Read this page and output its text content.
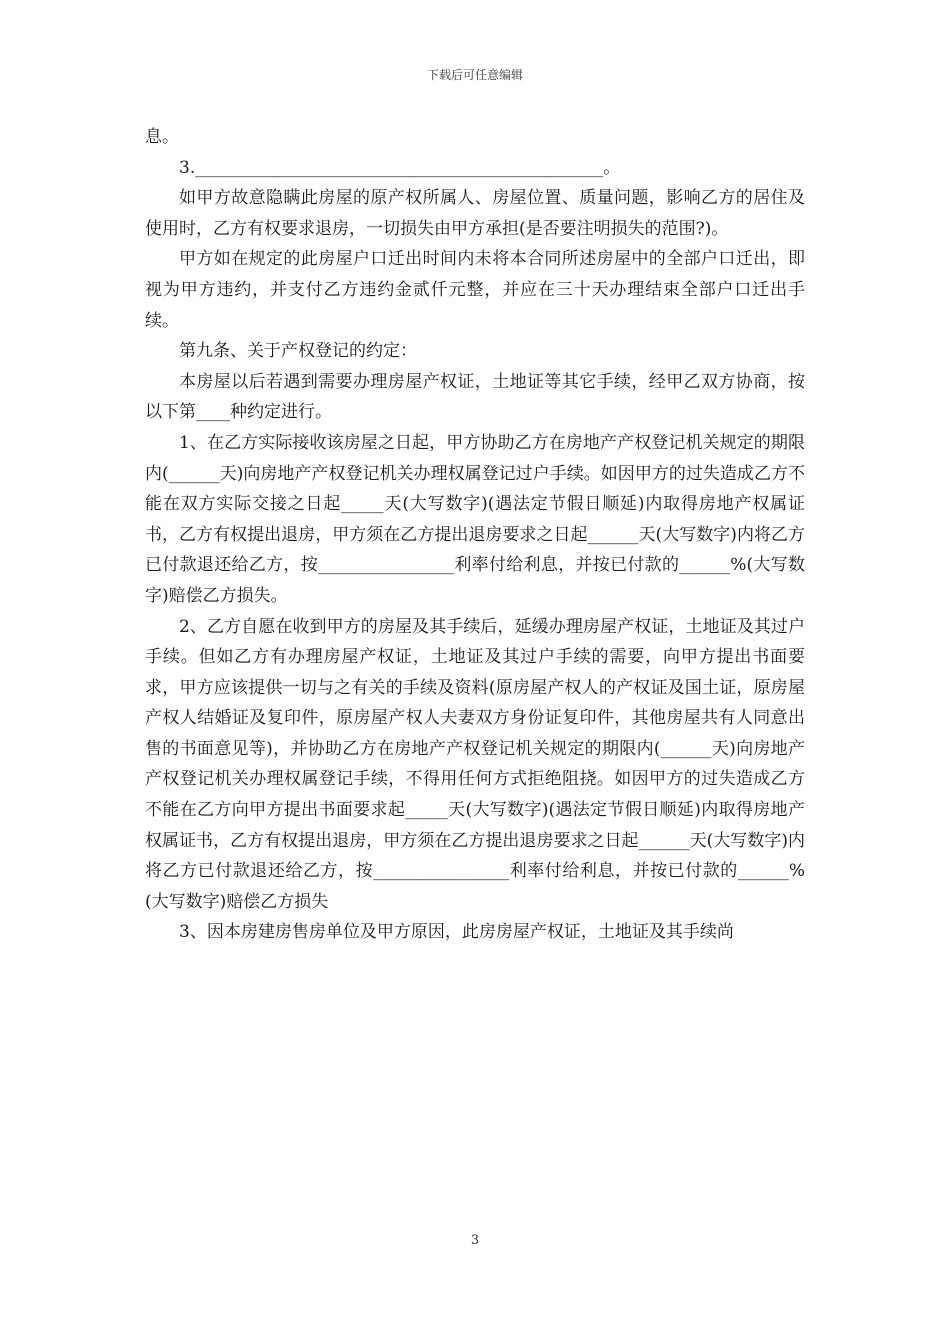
下载后可任意编辑

息。

3.________________________________________________。

如甲方故意隐瞒此房屋的原产权所属人、房屋位置、质量问题，影响乙方的居住及使用时，乙方有权要求退房，一切损失由甲方承担(是否要注明损失的范围?)。

甲方如在规定的此房屋户口迁出时间内未将本合同所述房屋中的全部户口迁出，即视为甲方违约，并支付乙方违约金贰仟元整，并应在三十天办理结束全部户口迁出手续。

第九条、关于产权登记的约定：

本房屋以后若遇到需要办理房屋产权证，土地证等其它手续，经甲乙双方协商，按以下第____种约定进行。

1、在乙方实际接收该房屋之日起，甲方协助乙方在房地产产权登记机关规定的期限内(______天)向房地产产权登记机关办理权属登记过户手续。如因甲方的过失造成乙方不能在双方实际交接之日起_____天(大写数字)(遇法定节假日顺延)内取得房地产权属证书，乙方有权提出退房，甲方须在乙方提出退房要求之日起______天(大写数字)内将乙方已付款退还给乙方，按________________利率付给利息，并按已付款的______%(大写数字)赔偿乙方损失。

2、乙方自愿在收到甲方的房屋及其手续后，延缓办理房屋产权证，土地证及其过户手续。但如乙方有办理房屋产权证，土地证及其过户手续的需要，向甲方提出书面要求，甲方应该提供一切与之有关的手续及资料(原房屋产权人的产权证及国土证，原房屋产权人结婚证及复印件，原房屋产权人夫妻双方身份证复印件，其他房屋共有人同意出售的书面意见等)，并协助乙方在房地产产权登记机关规定的期限内(______天)向房地产产权登记机关办理权属登记手续，不得用任何方式拒绝阻挠。如因甲方的过失造成乙方不能在乙方向甲方提出书面要求起_____天(大写数字)(遇法定节假日顺延)内取得房地产权属证书，乙方有权提出退房，甲方须在乙方提出退房要求之日起______天(大写数字)内将乙方已付款退还给乙方，按________________利率付给利息，并按已付款的______%(大写数字)赔偿乙方损失

3、因本房建房售房单位及甲方原因，此房房屋产权证，土地证及其手续尚

3
